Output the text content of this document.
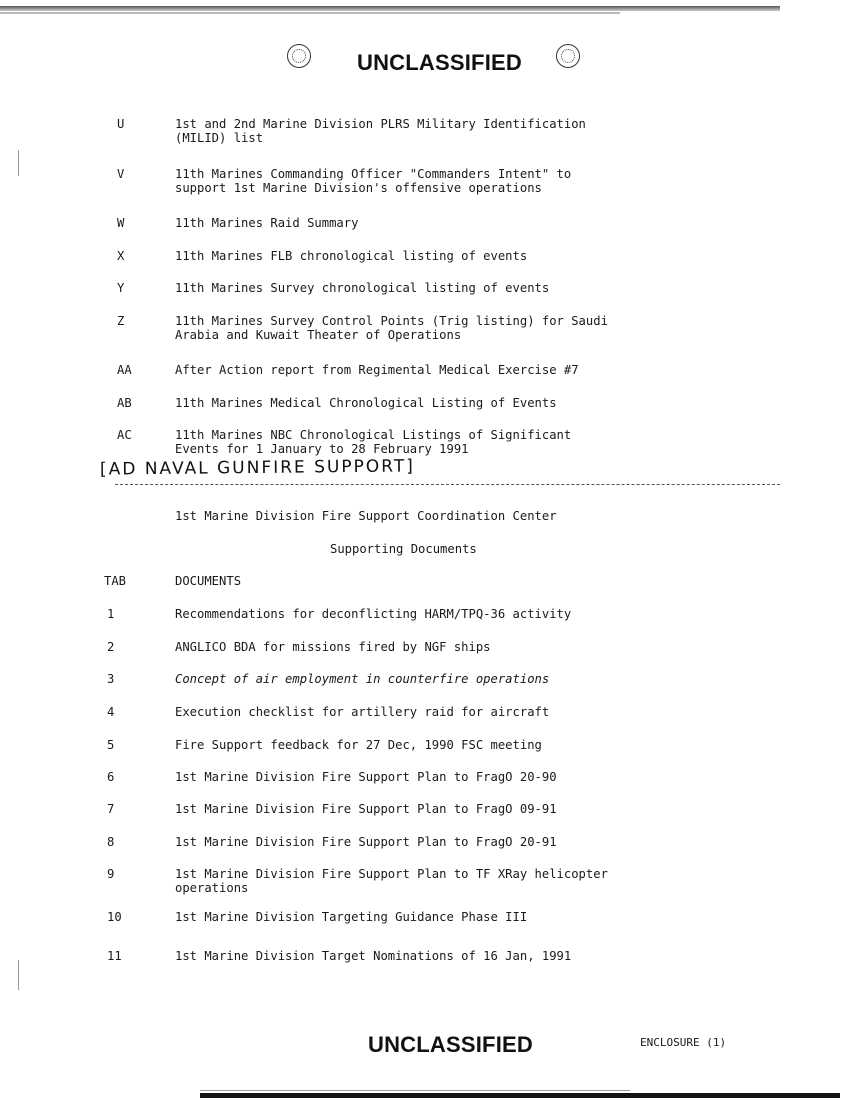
UNCLASSIFIED
U	1st and 2nd Marine Division PLRS Military Identification
(MILID) list
V	11th Marines Commanding Officer "Commanders Intent" to
support 1st Marine Division's offensive operations
W	11th Marines Raid Summary
X	11th Marines FLB chronological listing of events
Y	11th Marines Survey chronological listing of events
Z	11th Marines Survey Control Points (Trig listing) for Saudi
Arabia and Kuwait Theater of Operations
AA	After Action report from Regimental Medical Exercise #7
AB	11th Marines Medical Chronological Listing of Events
AC	11th Marines NBC Chronological Listings of Significant
Events for 1 January to 28 February 1991
[AD NAVAL GUNFIRE SUPPORT]
1st Marine Division Fire Support Coordination Center
Supporting Documents
TAB	DOCUMENTS
1	Recommendations for deconflicting HARM/TPQ-36 activity
2	ANGLICO BDA for missions fired by NGF ships
3	Concept of air employment in counterfire operations
4	Execution checklist for artillery raid for aircraft
5	Fire Support feedback for 27 Dec, 1990 FSC meeting
6	1st Marine Division Fire Support Plan to FragO 20-90
7	1st Marine Division Fire Support Plan to FragO 09-91
8	1st Marine Division Fire Support Plan to FragO 20-91
9	1st Marine Division Fire Support Plan to TF XRay helicopter
operations
10	1st Marine Division Targeting Guidance Phase III
11	1st Marine Division Target Nominations of 16 Jan, 1991
UNCLASSIFIED	ENCLOSURE (1)
